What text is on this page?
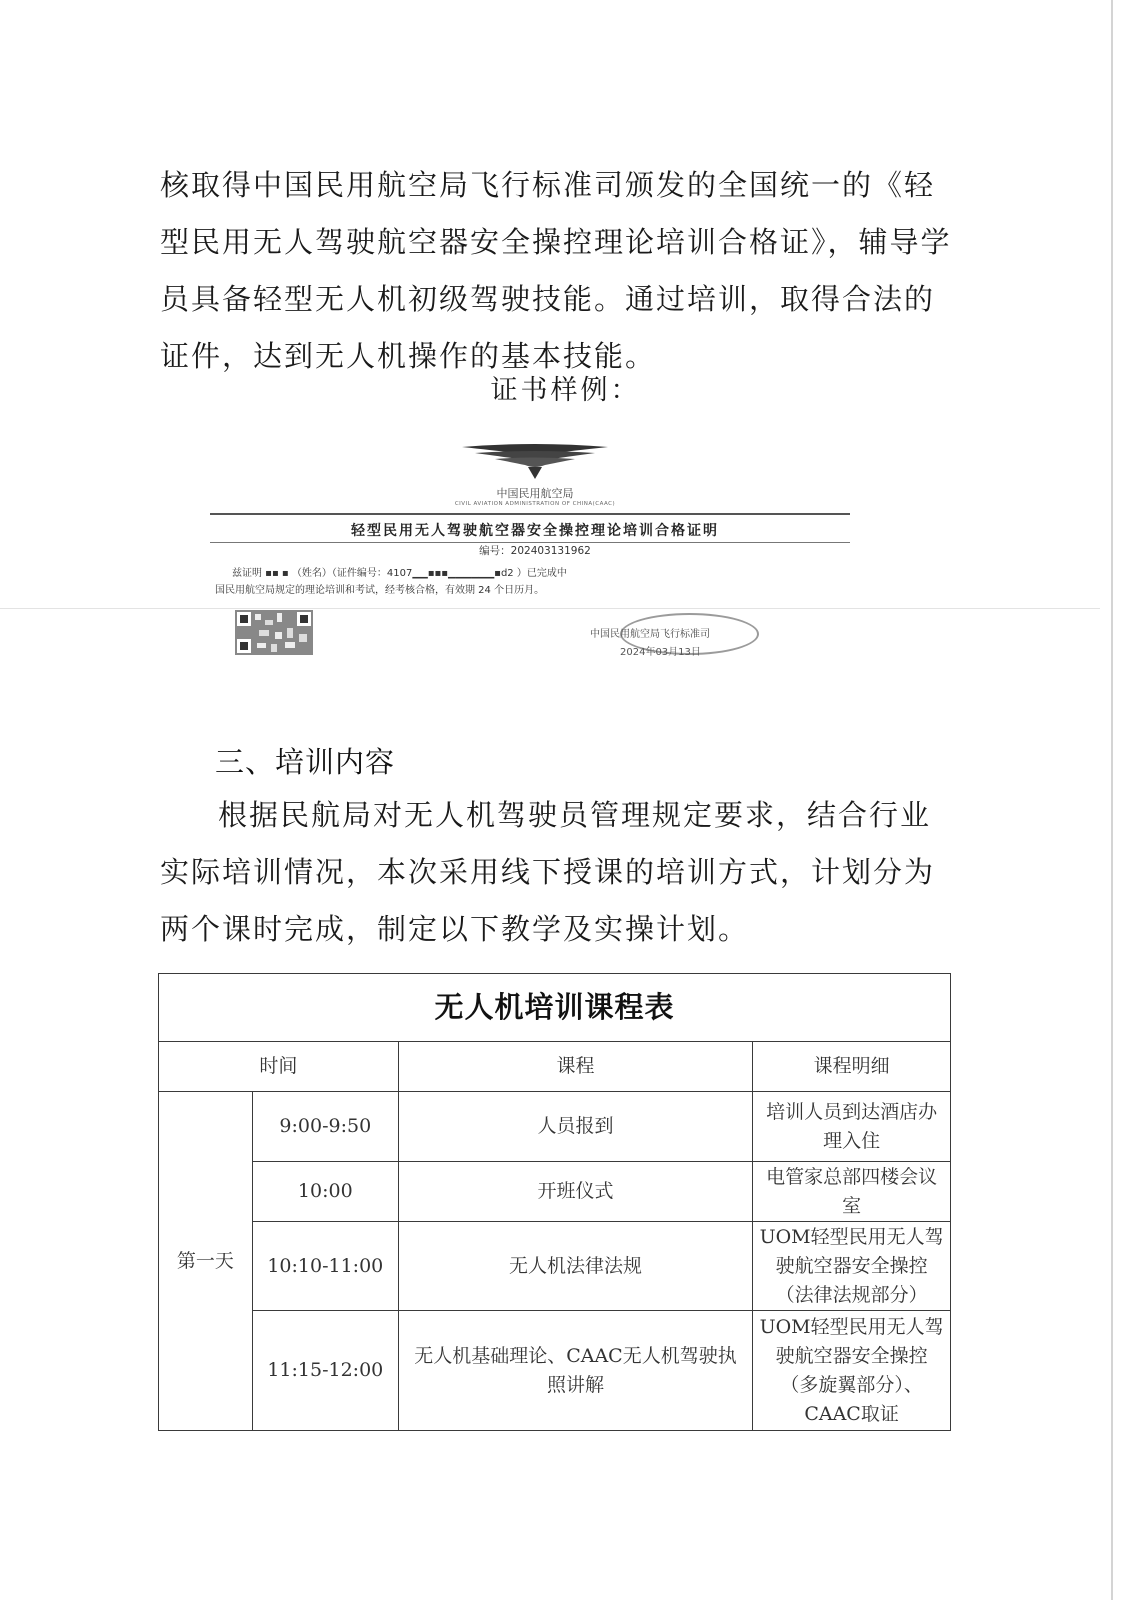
核取得中国民用航空局飞行标准司颁发的全国统一的《轻型民用无人驾驶航空器安全操控理论培训合格证》，辅导学员具备轻型无人机初级驾驶技能。通过培训，取得合法的证件，达到无人机操作的基本技能。
证书样例：
中国民用航空局
CIVIL AVIATION ADMINISTRATION OF CHINA(CAAC)
轻型民用无人驾驶航空器安全操控理论培训合格证明
编号：202403131962
兹证明 ▪▪ ▪ （姓名）（证件编号：4107▁▁▪▪▪▁▁▁▁▁▁▪d2 ）已完成中
国民用航空局规定的理论培训和考试，经考核合格，有效期 24 个日历月。
中国民用航空局飞行标准司
2024年03月13日
三、培训内容
根据民航局对无人机驾驶员管理规定要求，结合行业实际培训情况，本次采用线下授课的培训方式，计划分为两个课时完成，制定以下教学及实操计划。
无人机培训课程表			
时间		课程	课程明细
第一天	9:00-9:50	人员报到	培训人员到达酒店办理入住
	10:00	开班仪式	电管家总部四楼会议室
	10:10-11:00	无人机法律法规	UOM轻型民用无人驾驶航空器安全操控（法律法规部分）
	11:15-12:00	无人机基础理论、CAAC无人机驾驶执照讲解	UOM轻型民用无人驾驶航空器安全操控（多旋翼部分）、CAAC取证
